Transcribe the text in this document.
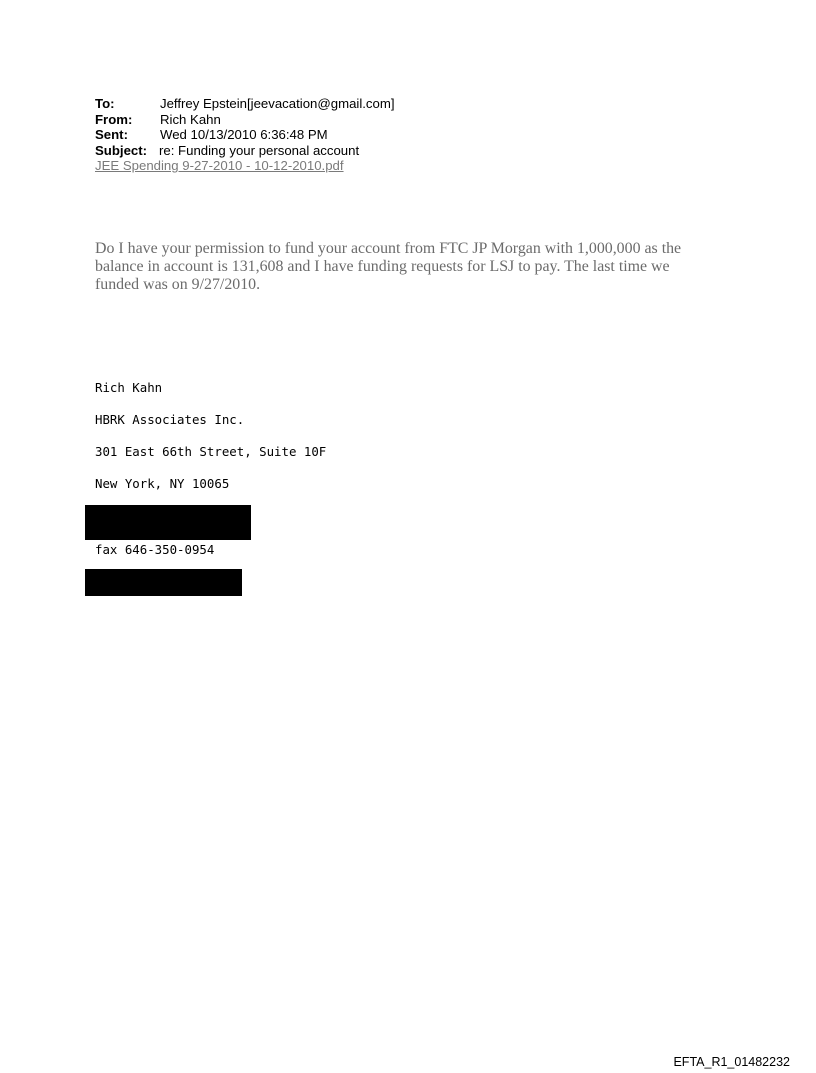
To:	Jeffrey Epstein[jeevacation@gmail.com]
From:	Rich Kahn
Sent:	Wed 10/13/2010 6:36:48 PM
Subject: re: Funding your personal account
JEE Spending 9-27-2010 - 10-12-2010.pdf
Do I have your permission to fund your account from FTC JP Morgan with 1,000,000 as the balance in account is 131,608 and I have funding requests for LSJ to pay. The last time we funded was on 9/27/2010.
Rich Kahn
HBRK Associates Inc.
301 East 66th Street, Suite 10F
New York, NY 10065
fax 646-350-0954
EFTA_R1_01482232
